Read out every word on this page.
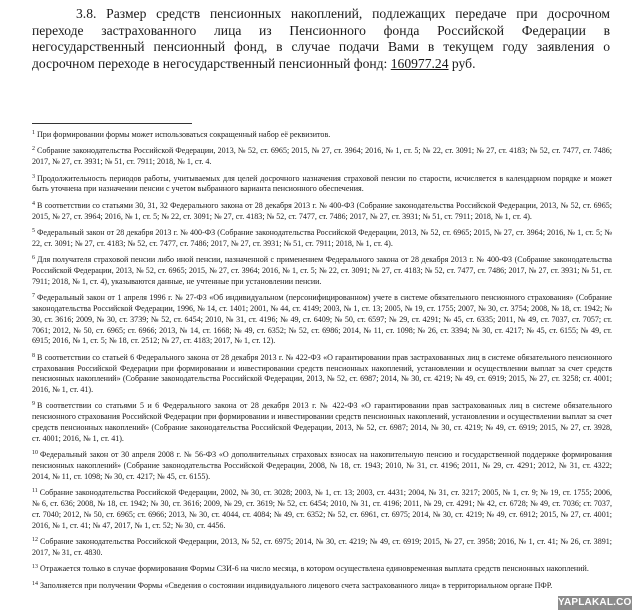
3.8. Размер средств пенсионных накоплений, подлежащих передаче при досрочном переходе застрахованного лица из Пенсионного фонда Российской Федерации в негосударственный пенсионный фонд, в случае подачи Вами в текущем году заявления о досрочном переходе в негосударственный пенсионный фонд: 160977.24 руб.

$^1$ При формировании формы может использоваться сокращенный набор её реквизитов.

$^2$ Собрание законодательства Российской Федерации, 2013, № 52, ст. 6965; 2015, № 27, ст. 3964; 2016, № 1, ст. 5; № 22, ст. 3091; № 27, ст. 4183; № 52, ст. 7477, ст. 7486; 2017, № 27, ст. 3931; № 51, ст. 7911; 2018, № 1, ст. 4.

$^3$ Продолжительность периодов работы, учитываемых для целей досрочного назначения страховой пенсии по старости, исчисляется в календарном порядке и может быть уточнена при назначении пенсии с учетом выбранного варианта пенсионного обеспечения.

$^4$ В соответствии со статьями 30, 31, 32 Федерального закона от 28 декабря 2013 г. № 400-ФЗ (Собрание законодательства Российской Федерации, 2013, № 52, ст. 6965; 2015, № 27, ст. 3964; 2016, № 1, ст. 5; № 22, ст. 3091; № 27, ст. 4183; № 52, ст. 7477, ст. 7486; 2017, № 27, ст. 3931; № 51, ст. 7911; 2018, № 1, ст. 4).

$^5$ Федеральный закон от 28 декабря 2013 г. № 400-ФЗ (Собрание законодательства Российской Федерации, 2013, № 52, ст. 6965; 2015, № 27, ст. 3964; 2016, № 1, ст. 5; № 22, ст. 3091; № 27, ст. 4183; № 52, ст. 7477, ст. 7486; 2017, № 27, ст. 3931; № 51, ст. 7911; 2018, № 1, ст. 4).

$^6$ Для получателя страховой пенсии либо иной пенсии, назначенной с применением Федерального закона от 28 декабря 2013 г. № 400-ФЗ (Собрание законодательства Российской Федерации, 2013, № 52, ст. 6965; 2015, № 27, ст. 3964; 2016, № 1, ст. 5; № 22, ст. 3091; № 27, ст. 4183; № 52, ст. 7477, ст. 7486; 2017, № 27, ст. 3931; № 51, ст. 7911; 2018, № 1, ст. 4), указываются данные, не учтенные при установлении пенсии.

$^7$ Федеральный закон от 1 апреля 1996 г. № 27-ФЗ «Об индивидуальном (персонифицированном) учете в системе обязательного пенсионного страхования» (Собрание законодательства Российской Федерации, 1996, № 14, ст. 1401; 2001, № 44, ст. 4149; 2003, № 1, ст. 13; 2005, № 19, ст. 1755; 2007, № 30, ст. 3754; 2008, № 18, ст. 1942; № 30, ст. 3616; 2009, № 30, ст. 3739; № 52, ст. 6454; 2010, № 31, ст. 4196; № 49, ст. 6409; № 50, ст. 6597; № 29, ст. 4291; № 45, ст. 6335; 2011, № 49, ст. 7037, ст. 7057; ст. 7061; 2012, № 50, ст. 6965; ст. 6966; 2013, № 14, ст. 1668; № 49, ст. 6352; № 52, ст. 6986; 2014, № 11, ст. 1098; № 26, ст. 3394; № 30, ст. 4217; № 45, ст. 6155; № 49, ст. 6915; 2016, № 1, ст. 5; № 18, ст. 2512; № 27, ст. 4183; 2017, № 1, ст. 12).

$^8$ В соответствии со статьей 6 Федерального закона от 28 декабря 2013 г. № 422-ФЗ «О гарантировании прав застрахованных лиц в системе обязательного пенсионного страхования Российской Федерации при формировании и инвестировании средств пенсионных накоплений, установлении и осуществлении выплат за счет средств пенсионных накоплений» (Собрание законодательства Российской Федерации, 2013, № 52, ст. 6987; 2014, № 30, ст. 4219; № 49, ст. 6919; 2015, № 27, ст. 3258; ст. 4001; 2016, № 1, ст. 41).

$^9$ В соответствии со статьями 5 и 6 Федерального закона от 28 декабря 2013 г. № 422-ФЗ «О гарантировании прав застрахованных лиц в системе обязательного пенсионного страхования Российской Федерации при формировании и инвестировании средств пенсионных накоплений, установлении и осуществлении выплат за счет средств пенсионных накоплений» (Собрание законодательства Российской Федерации, 2013, № 52, ст. 6987; 2014, № 30, ст. 4219; № 49, ст. 6919; 2015, № 27, ст. 3928, ст. 4001; 2016, № 1, ст. 41).

$^{10}$ Федеральный закон от 30 апреля 2008 г. № 56-ФЗ «О дополнительных страховых взносах на накопительную пенсию и государственной поддержке формирования пенсионных накоплений» (Собрание законодательства Российской Федерации, 2008, № 18, ст. 1943; 2010, № 31, ст. 4196; 2011, № 29, ст. 4291; 2012, № 31, ст. 4322; 2014, № 11, ст. 1098; № 30, ст. 4217; № 45, ст. 6155).

$^{11}$ Собрание законодательства Российской Федерации, 2002, № 30, ст. 3028; 2003, № 1, ст. 13; 2003, ст. 4431; 2004, № 31, ст. 3217; 2005, № 1, ст. 9; № 19, ст. 1755; 2006, № 6, ст. 636; 2008, № 18, ст. 1942; № 30, ст. 3616; 2009, № 29, ст. 3619; № 52, ст. 6454; 2010, № 31, ст. 4196; 2011, № 29, ст. 4291; № 42, ст. 6728; № 49, ст. 7036; ст. 7037, ст. 7040; 2012, № 50, ст. 6965; ст. 6966; 2013, № 30, ст. 4044, ст. 4084; № 49, ст. 6352; № 52, ст. 6961, ст. 6975; 2014, № 30, ст. 4219; № 49, ст. 6912; 2015, № 27, ст. 4001; 2016, № 1, ст. 41; № 47, 2017, № 1, ст. 52; № 30, ст. 4456.

$^{12}$ Собрание законодательства Российской Федерации, 2013, № 52, ст. 6975; 2014, № 30, ст. 4219; № 49, ст. 6919; 2015, № 27, ст. 3958; 2016, № 1, ст. 41; № 26, ст. 3891; 2017, № 31, ст. 4830.

$^{13}$ Отражается только в случае формирования Формы СЗИ-6 на число месяца, в котором осуществлена единовременная выплата средств пенсионных накоплений.

$^{14}$ Заполняется при получении Формы «Сведения о состоянии индивидуального лицевого счета застрахованного лица» в территориальном органе ПФР.

YAPLAKAL.COM
